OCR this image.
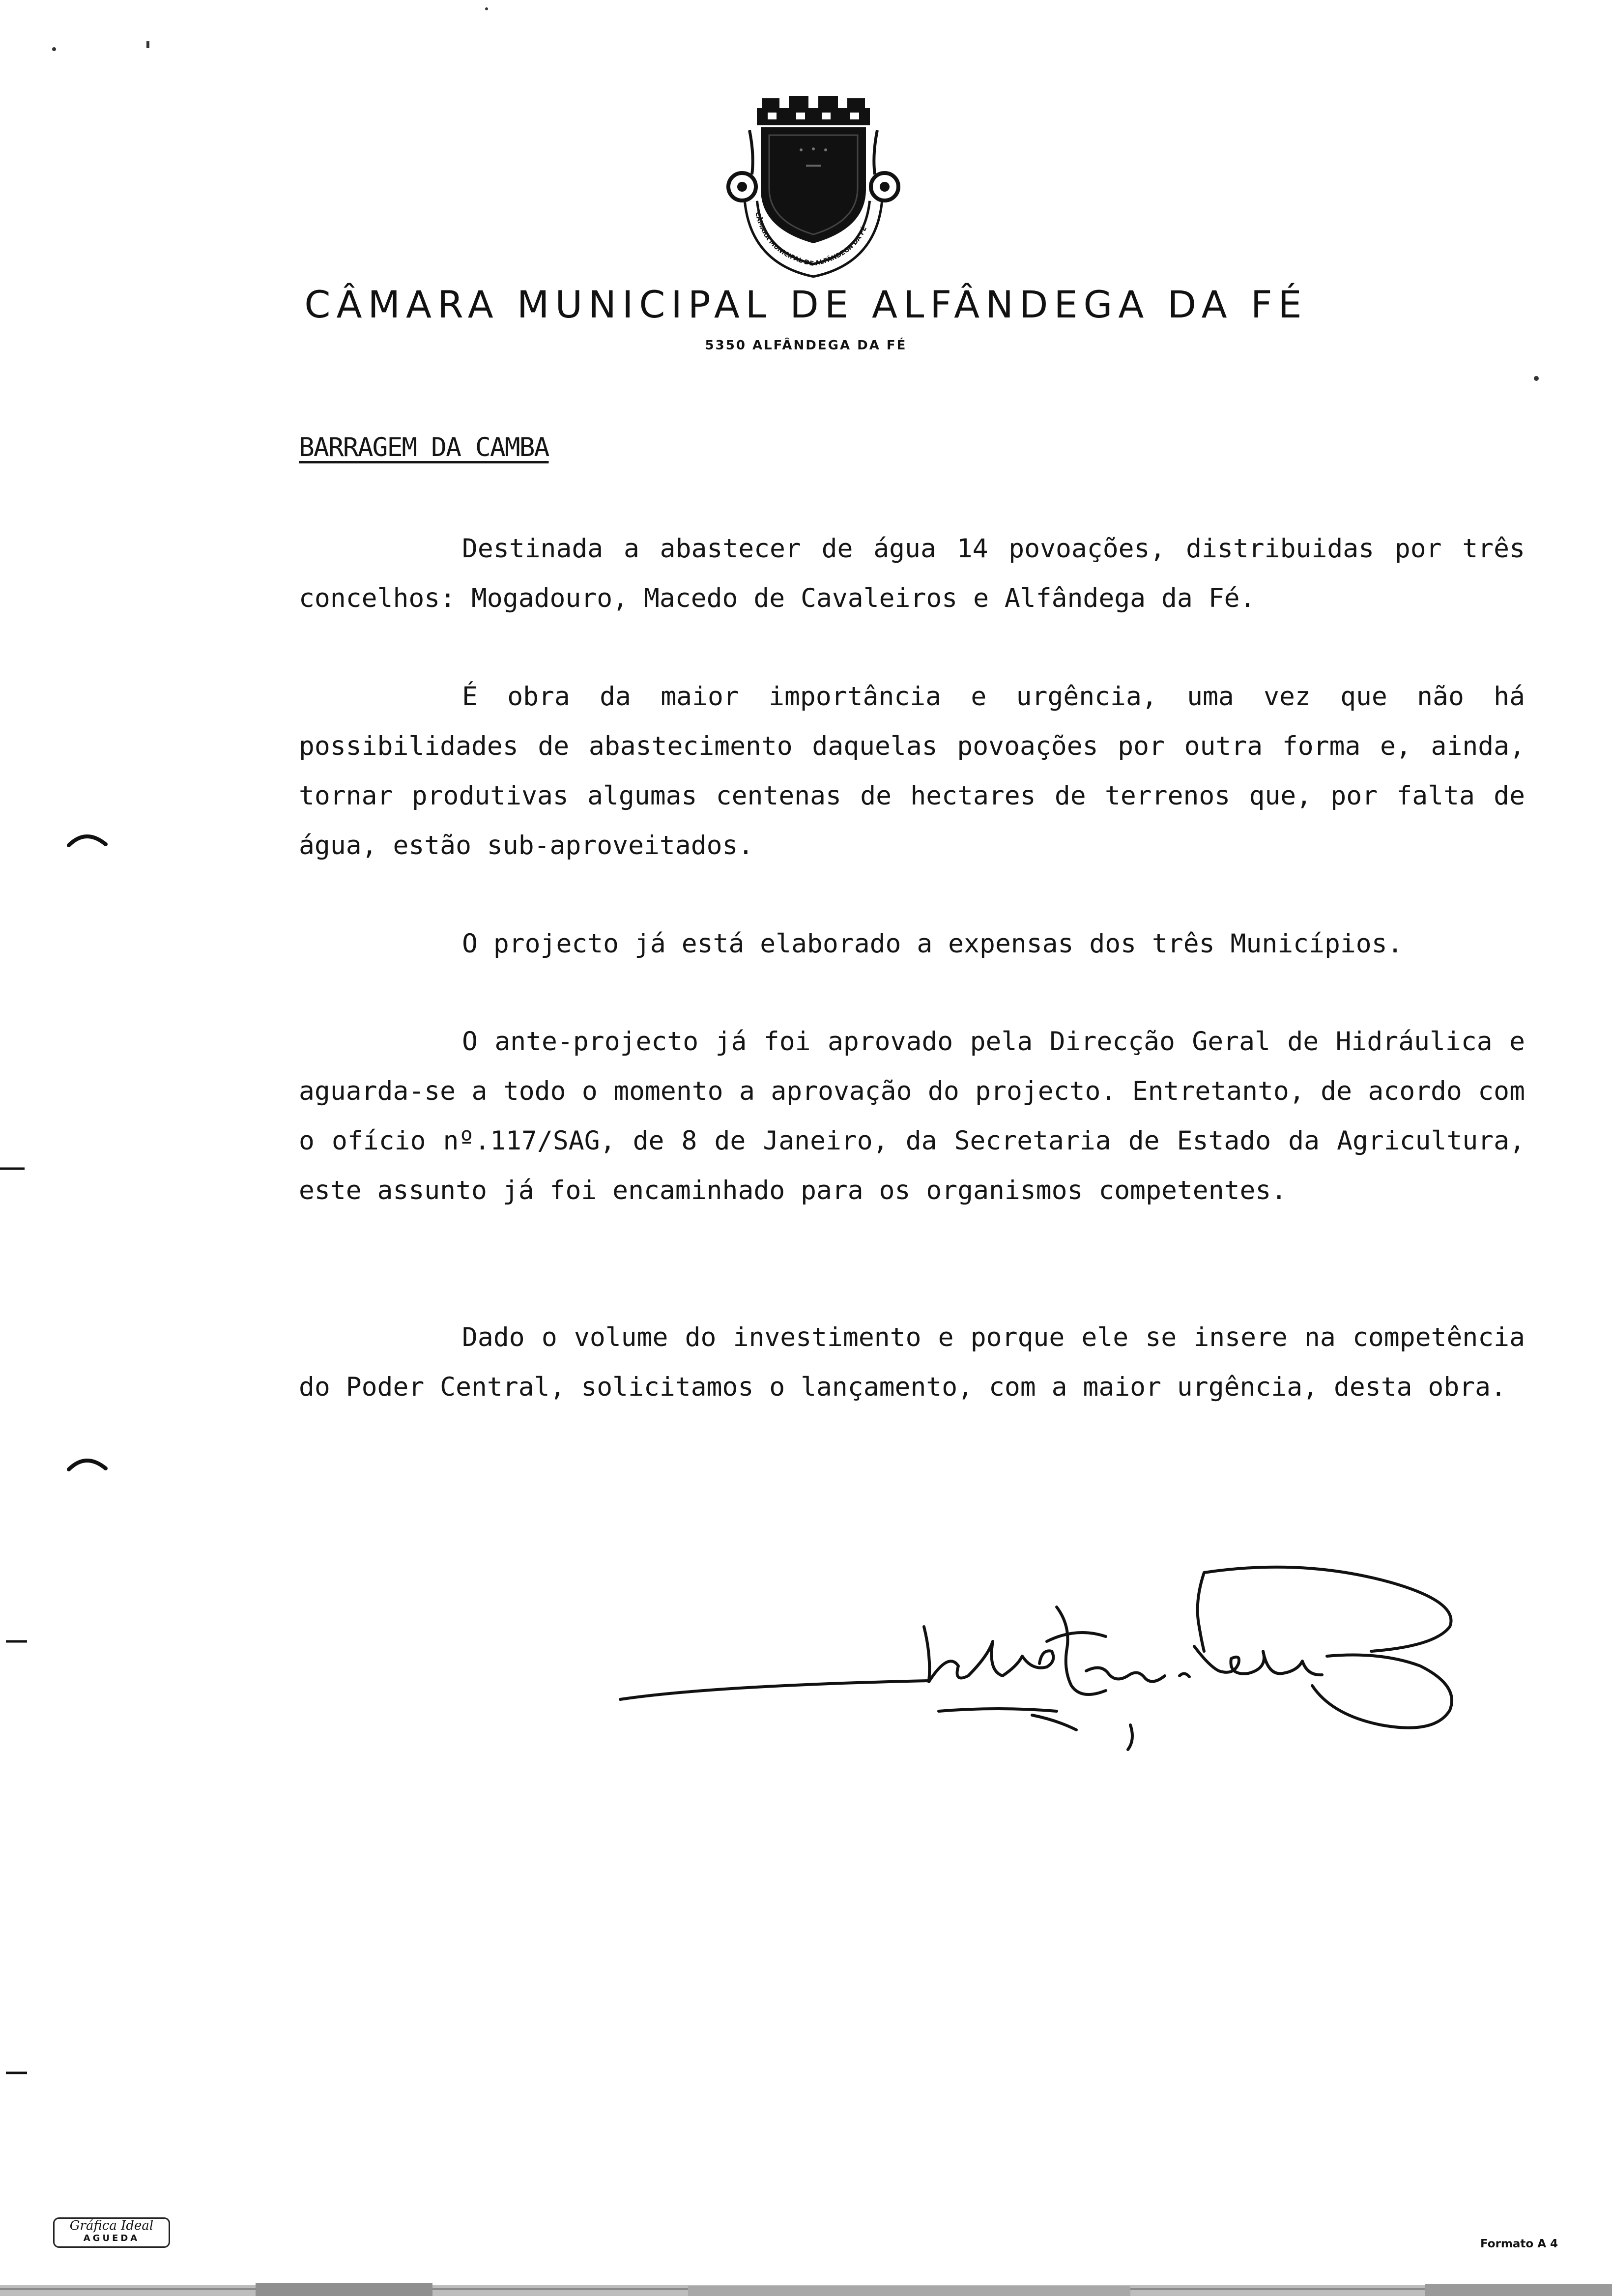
CÂMARA MUNICIPAL DE ALFÂNDEGA DA FÉ
CÂMARA MUNICIPAL DE ALFÂNDEGA DA FÉ
5350 ALFÂNDEGA DA FÉ
BARRAGEM DA CAMBA

Destinada a abastecer de água 14 povoações, distribuidas por três concelhos: Mogadouro, Macedo de Cavaleiros e Alfândega da Fé.

É obra da maior importância e urgência, uma vez que não há possibilidades de abastecimento daquelas povoações por outra forma e, ainda, tornar produtivas algumas centenas de hectares de terrenos que, por falta de água, estão sub-aproveitados.

O projecto já está elaborado a expensas dos três Municípios.

O ante-projecto já foi aprovado pela Direcção Geral de Hidráulica e aguarda-se a todo o momento a aprovação do projecto. Entretanto, de acordo com o ofício nº.117/SAG, de 8 de Janeiro, da Secretaria de Estado da Agricultura, este assunto já foi encaminhado para os organismos competentes.

Dado o volume do investimento e porque ele se insere na competência do Poder Central, solicitamos o lançamento, com a maior urgência, desta obra.

Gráfica Ideal
AGUEDA	Formato A 4
